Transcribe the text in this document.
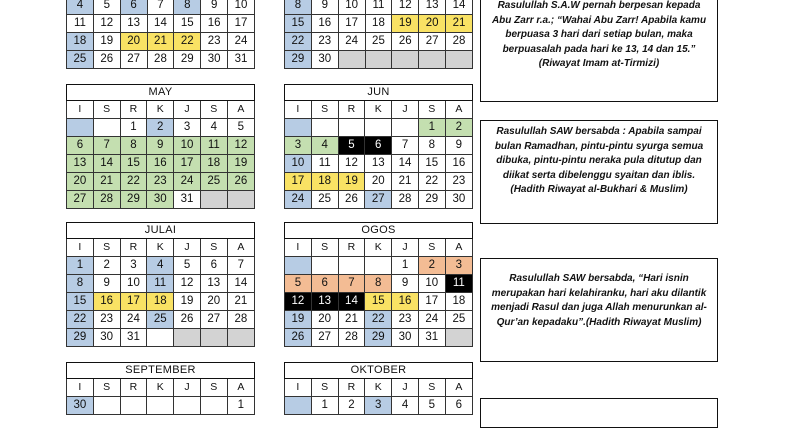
4	5	6	7	8	9	10
11	12	13	14	15	16	17
18	19	20	21	22	23	24
25	26	27	28	29	30	31
8	9	10	11	12	13	14
15	16	17	18	19	20	21
22	23	24	25	26	27	28
29	30					
MAY						
I	S	R	K	J	S	A
		1	2	3	4	5
6	7	8	9	10	11	12
13	14	15	16	17	18	19
20	21	22	23	24	25	26
27	28	29	30	31		
JUN						
I	S	R	K	J	S	A
					1	2
3	4	5	6	7	8	9
10	11	12	13	14	15	16
17	18	19	20	21	22	23
24	25	26	27	28	29	30
JULAI						
I	S	R	K	J	S	A
1	2	3	4	5	6	7
8	9	10	11	12	13	14
15	16	17	18	19	20	21
22	23	24	25	26	27	28
29	30	31				
OGOS						
I	S	R	K	J	S	A
				1	2	3
5	6	7	8	9	10	11
12	13	14	15	16	17	18
19	20	21	22	23	24	25
26	27	28	29	30	31	
SEPTEMBER						
I	S	R	K	J	S	A
30						1
OKTOBER						
I	S	R	K	J	S	A
	1	2	3	4	5	6
Rasulullah S.A.W pernah berpesan kepada Abu Zarr r.a.; “Wahai Abu Zarr! Apabila kamu berpuasa 3 hari dari setiap bulan, maka berpuasalah pada hari ke 13, 14 dan 15.” (Riwayat Imam at-Tirmizi)
Rasulullah SAW bersabda : Apabila sampai bulan Ramadhan, pintu-pintu syurga semua dibuka, pintu-pintu neraka pula ditutup dan diikat serta dibelenggu syaitan dan iblis. (Hadith Riwayat al-Bukhari & Muslim)
Rasulullah SAW bersabda, “Hari isnin merupakan hari kelahiranku, hari aku dilantik menjadi Rasul dan juga Allah menurunkan al-Qur’an kepadaku”.(Hadith Riwayat Muslim)
